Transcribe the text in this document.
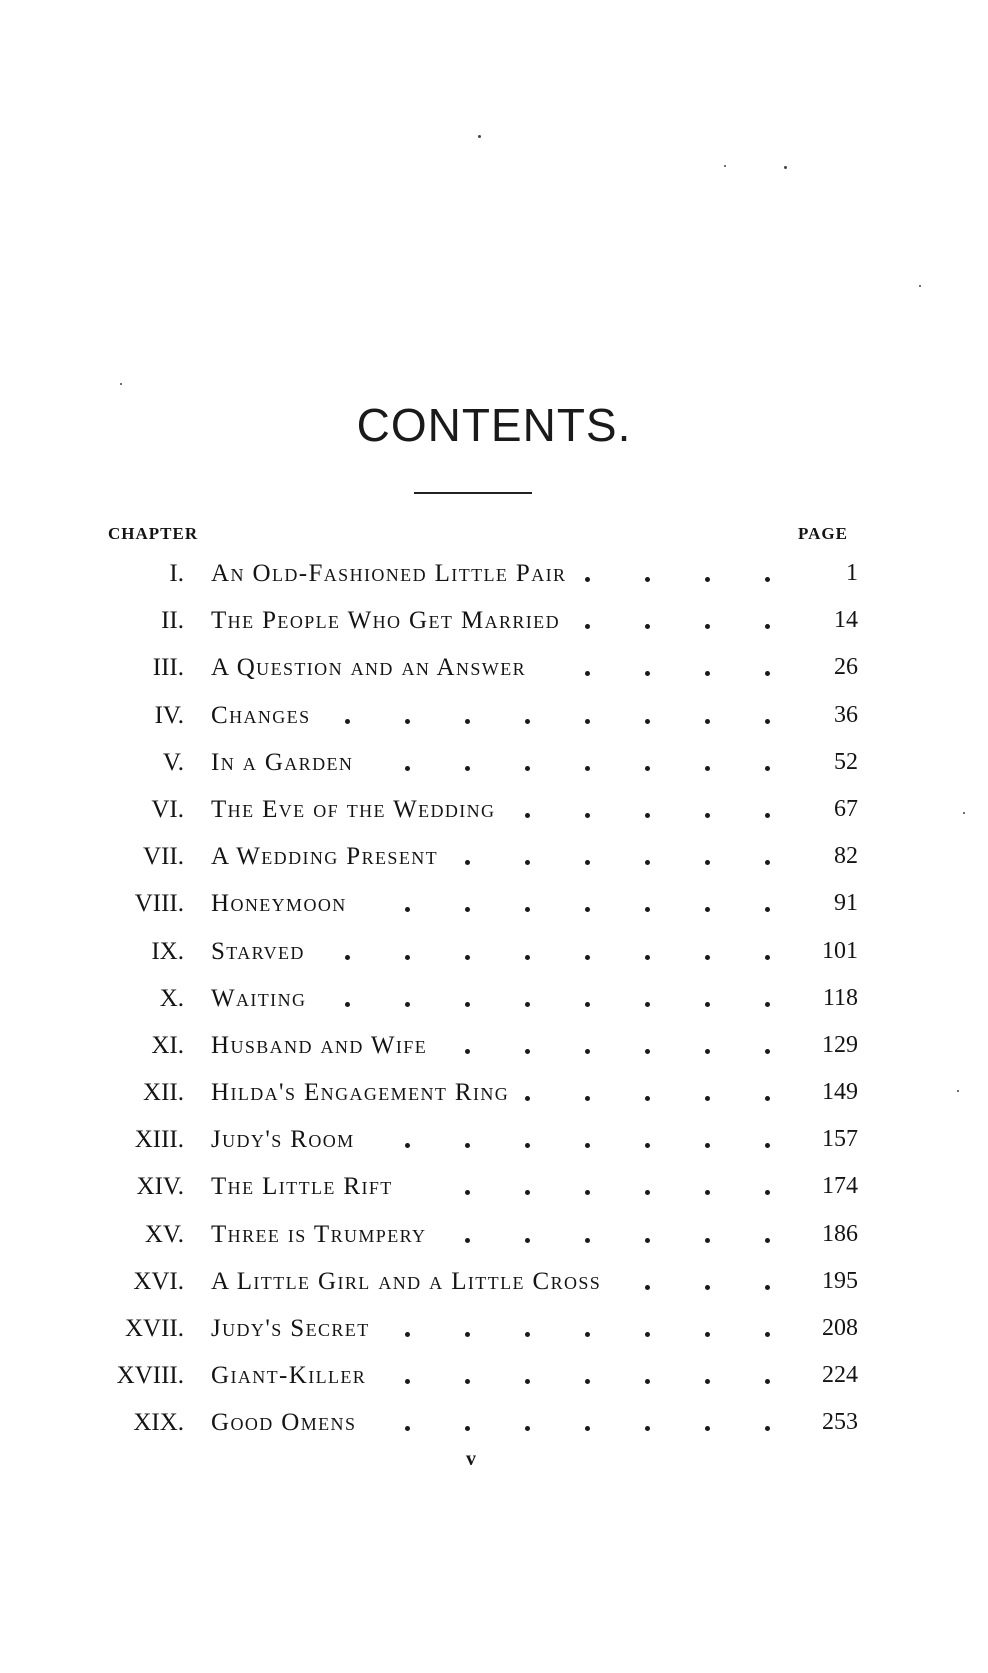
CONTENTS.
CHAPTER	PAGE
I. An Old-Fashioned Little Pair	1
II. The People Who Get Married	14
III. A Question and an Answer	26
IV. Changes	36
V. In a Garden	52
VI. The Eve of the Wedding	67
VII. A Wedding Present	82
VIII. Honeymoon	91
IX. Starved	101
X. Waiting	118
XI. Husband and Wife	129
XII. Hilda's Engagement Ring	149
XIII. Judy's Room	157
XIV. The Little Rift	174
XV. Three is Trumpery	186
XVI. A Little Girl and a Little Cross	195
XVII. Judy's Secret	208
XVIII. Giant-Killer	224
XIX. Good Omens	253
v
